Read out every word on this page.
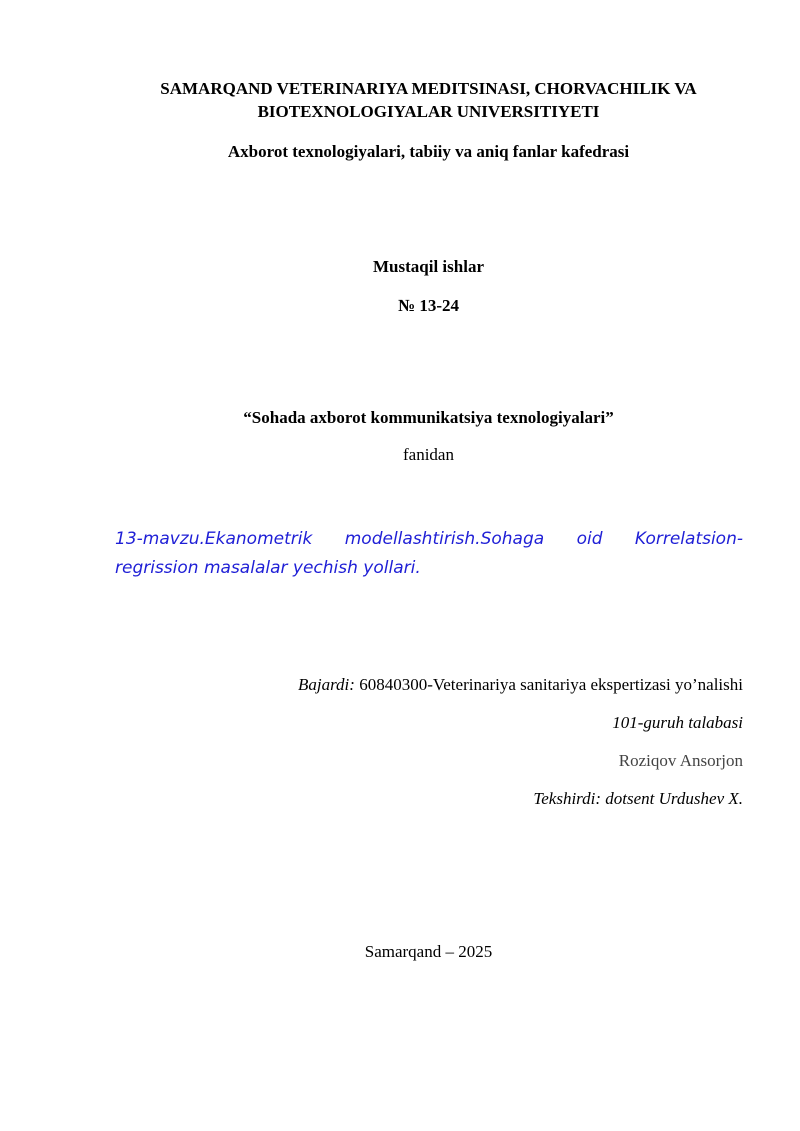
SAMARQAND VETERINARIYA MEDITSINASI, CHORVACHILIK VA BIOTEXNOLOGIYALAR UNIVERSITIYETI
Axborot texnologiyalari, tabiiy va aniq fanlar kafedrasi
Mustaqil ishlar
№ 13-24
“Sohada axborot kommunikatsiya texnologiyalari”
fanidan
13-mavzu.Ekanometrik modellashtirish.Sohaga oid Korrelatsion-regrission masalalar yechish yollari.
Bajardi: 60840300-Veterinariya sanitariya ekspertizasi yo’nalishi
101-guruh talabasi
Roziqov Ansorjon
Tekshirdi: dotsent Urdushev X.
Samarqand – 2025
